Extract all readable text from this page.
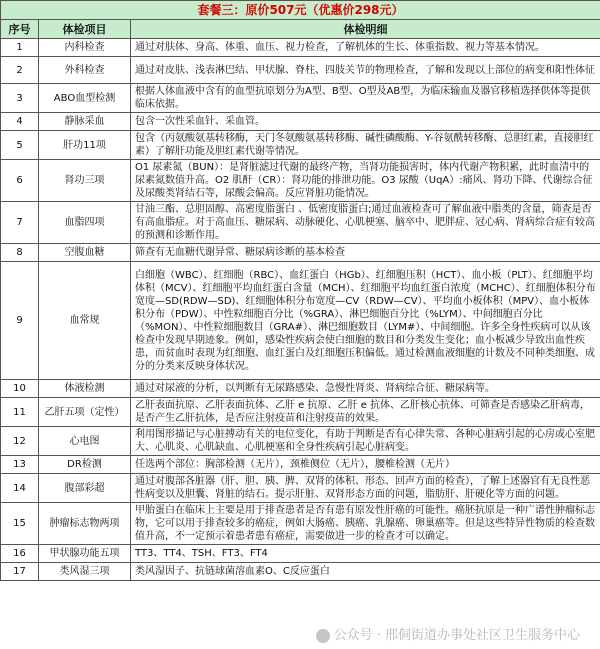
套餐三：原价507元（优惠价298元）		
序号	体检项目	体检明细
1	内科检查	通过对肤体、身高、体重、血压、视力检查，了解机体的生长、体重指数、视力等基本情况。
2	外科检查	通过对皮肤、浅表淋巴结、甲状腺、脊柱、四肢关节的物理检查，了解和发现以上部位的病变和阳性体征
3	ABO血型检测	根据人体血液中含有的血型抗原划分为A型、B型、O型及AB型，为临床输血及器官移植选择供体等提供临床依据。
4	静脉采血	包含一次性采血针、采血管。
5	肝功11项	包含（丙氨酸氨基转移酶，天门冬氨酸氨基转移酶、碱性磷酸酶、Y-谷氨酰转移酶、总胆红素，直接胆红素）了解肝功能及胆红素代谢等情况。
6	肾功三项	O1 尿素氮（BUN）：是肾脏滤过代谢的最终产物，当肾功能损害时，体内代谢产物积累，此时血清中的尿素氮数值升高。O2 肌酐（CR）：肾功能的排泄功能。O3 尿酸（UqA）:痛风、肾功下降、代谢综合征及尿酸类肾结石等，尿酸会偏高。反应肾脏功能情况。
7	血脂四项	甘油三酯、总胆固醇、高密度脂蛋白 、低密度脂蛋白;通过血液检查可了解血液中脂类的含量，筛查是否有高血脂症。对于高血压、糖尿病、动脉硬化、心肌梗塞、脑卒中、肥胖症、冠心病、肾病综合症有较高的预测和诊断作用。
8	空腹血糖	筛查有无血糖代谢异常、糖尿病诊断的基本检查
9	血常规	白细胞（WBC）、红细胞（RBC）、血红蛋白（HGb）、红细胞压积（HCT）、血小板（PLT）、红细胞平均体积（MCV）、红细胞平均血红蛋白含量（MCH）、红细胞平均血红蛋白浓度（MCHC）、红细胞体积分布宽度—SD(RDW—SD)、红细胞体积分布宽度—CV（RDW—CV）、平均血小板体积（MPV）、血小板体积分布（PDW）、中性粒细胞百分比（%GRA）、淋巴细胞百分比（%LYM）、中间细胞百分比（%MON）、中性粒细胞数目（GRA#）、淋巴细胞数目（LYM#）、中间细胞。许多全身性疾病可以从该检查中发现早期迹象。例如，感染性疾病会使白细胞的数目和分类发生变化；血小板减少导致出血性疾患，而贫血时表现为红细胞、血红蛋白及红细胞压积偏低。通过检测血液细胞的计数及不同种类细胞、成分的分类来反映身体状况。
10	体液检测	通过对尿液的分析，以判断有无尿路感染、急慢性肾炎、肾病综合征、糖尿病等。
11	乙肝五项（定性）	乙肝表面抗原、乙肝表面抗体、乙肝 e 抗原、乙肝 e 抗体、乙肝核心抗体、可筛查是否感染乙肝病毒，是否产生乙肝抗体，是否应注射疫苗和注射疫苗的效果。
12	心电图	利用图形描记与心脏搏动有关的电位变化，有助于判断是否有心律失常、各种心脏病引起的心房或心室肥大、心肌炎、心肌缺血、心肌梗塞和全身性疾病引起心脏病变。
13	DR检测	任选两个部位：胸部检测（无片），颈椎侧位（无片），腰椎检测（无片）
14	腹部彩超	通过对腹部各脏器（肝、胆、胰、脾、双肾的体积、形态、回声方面的检查），了解上述器官有无良性恶性病变以及胆囊、肾脏的结石。提示肝脏、双肾形态方面的问题，脂肪肝、肝硬化等方面的问题。
15	肿瘤标志物两项	甲胎蛋白在临床上主要是用于排查患者是否有患有原发性肝癌的可能性。癌胚抗原是一种广谱性肿瘤标志物，它可以用于排查较多的癌症，例如大肠癌、胰癌、乳腺癌、卵巢癌等。但是这些特异性物质的检查数值升高，不一定预示着患者患有癌症，需要做进一步的检查才可以确定。
16	甲状腺功能五项	TT3、TT4、TSH、FT3、FT4
17	类风湿三项	类风湿因子、抗链球菌溶血素O、C反应蛋白
公众号 · 邢侗街道办事处社区卫生服务中心
